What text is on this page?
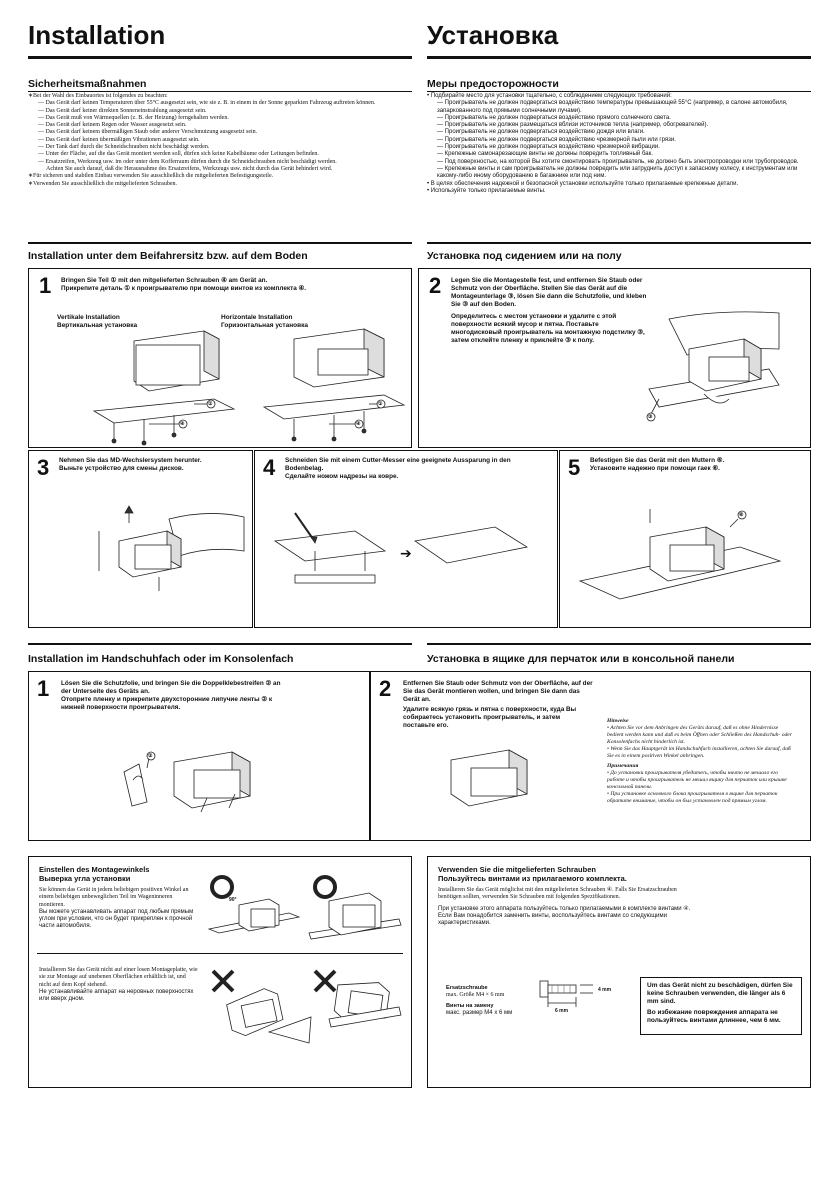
Installation	Установка
Sicherheitsmaßnahmen

∗Bei der Wahl des Einbauortes ist folgendes zu beachten:

— Das Gerät darf keinen Temperaturen über 55°C ausgesetzt sein, wie sie z. B. in einem in der Sonne geparkten Fahrzeug auftreten können.

— Das Gerät darf keiner direkten Sonneneinstrahlung ausgesetzt sein.

— Das Gerät muß von Wärmequellen (z. B. der Heizung) ferngehalten werden.

— Das Gerät darf keinem Regen oder Wasser ausgesetzt sein.

— Das Gerät darf keinem übermäßigen Staub oder anderer Verschmutzung ausgesetzt sein.

— Das Gerät darf keinen übermäßigen Vibrationen ausgesetzt sein.

— Der Tank darf durch die Schneidschrauben nicht beschädigt werden.

— Unter der Fläche, auf die das Gerät montiert werden soll, dürfen sich keine Kabelbäume oder Leitungen befinden.

— Ersatzreifen, Werkzeug usw. im oder unter dem Kofferraum dürfen durch die Schneidschrauben nicht beschädigt werden.

Achten Sie auch darauf, daß die Herausnahme des Ersatzreifens, Werkzeugs usw. nicht durch das Gerät behindert wird.

∗Für sicheren und stabilen Einbau verwenden Sie ausschließlich die mitgelieferten Befestigungsteile.

∗Verwenden Sie ausschließlich die mitgelieferten Schrauben.

Меры предосторожности

• Подбирайте место для установки тщательно, с соблюдением следующих требований:

— Проигрыватель не должен подвергаться воздействию температуры превышающей 55°C (например, в салоне автомобиля, запаркованного под прямыми солнечными лучами).

— Проигрыватель не должен подвергаться воздействию прямого солнечного света.

— Проигрыватель не должен размещаться вблизи источников тепла (например, обогревателей).

— Проигрыватель не должен подвергаться воздействию дождя или влаги.

— Проигрыватель не должен подвергаться воздействию чрезмерной пыли или грязи.

— Проигрыватель не должен подвергаться воздействию чрезмерной вибрации.

— Крепежные самонарезающие винты не должны повредить топливный бак.

— Под поверхностью, на которой Вы хотите смонтировать проигрыватель, не должно быть электропроводки или трубопроводов.

— Крепежные винты и сам проигрыватель не должны повредить или затруднить доступ к запасному колесу, к инструментам или какому-либо иному оборудованию в багажнике или под ним.

• В целях обеспечения надежной и безопасной установки используйте только прилагаемые крепежные детали.

• Используйте только прилагаемые винты.

Installation unter dem Beifahrersitz bzw. auf dem Boden	Установка под сидением или на полу
1 Bringen Sie Teil ① mit den mitgelieferten Schrauben ④ am Gerät an.
Прикрепите деталь ① к проигрывателю при помощи винтов из комплекта ④.
Vertikale Installation
Вертикальная установка
Horizontale Installation
Горизонтальная установка
①
④
①
④
2 Legen Sie die Montagestelle fest, und entfernen Sie Staub oder Schmutz von der Oberfläche. Stellen Sie das Gerät auf die Montageunterlage ③, lösen Sie dann die Schutzfolie, und kleben Sie ③ auf den Boden.
Определитесь с местом установки и удалите с этой поверхности всякий мусор и пятна. Поставьте многодисковый проигрыватель на монтажную подстилку ③, затем отклейте пленку и приклейте ③ к полу.
③
3 Nehmen Sie das MD-Wechslersystem herunter.
Выньте устройство для смены дисков.	4 Schneiden Sie mit einem Cutter-Messer eine geeignete Aussparung in den Bodenbelag.
Сделайте ножом надрезы на ковре.
➔
5 Befestigen Sie das Gerät mit den Muttern ⑥.
Установите надежно при помощи гаек ⑥.
⑥
Installation im Handschuhfach oder im Konsolenfach	Установка в ящике для перчаток или в консольной панели
1 Lösen Sie die Schutzfolie, und bringen Sie die Doppelklebestreifen ② an der Unterseite des Geräts an.
Отоприте пленку и прикрепите двухсторонние липучие ленты ② к нижней поверхности проигрывателя.
②
2 Entfernen Sie Staub oder Schmutz von der Oberfläche, auf der Sie das Gerät montieren wollen, und bringen Sie dann das Gerät an.
Удалите всякую грязь и пятна с поверхности, куда Вы собираетесь установить проигрыватель, и затем поставьте его.

Hinweise

• Achten Sie vor dem Anbringen des Geräts darauf, daß es ohne Hindernisse bedient werden kann und daß es beim Öffnen oder Schließen des Handschuh- oder Konsolenfachs nicht hinderlich ist.

• Wenn Sie das Hauptgerät im Handschuhfach installieren, achten Sie darauf, daß Sie es in einem positiven Winkel anbringen.

Примечания

• До установки проигрывателя убедитесь, чтобы ничто не мешало его работе и чтобы проигрыватель не мешал ящику для перчаток или крышке консольной панели.

• При установке основного блока проигрывателя в ящике для перчаток обратите внимание, чтобы он был установлен под прямым углом.

Einstellen des Montagewinkels
Выверка угла установки

Sie können das Gerät in jedem beliebigen positiven Winkel an einem beliebigen unbeweglichen Teil im Wageninneren montieren.

Вы можете устанавливать аппарат под любым прямым углом при условии, что он будет прикреплен к прочной части автомобиля.

Installieren Sie das Gerät nicht auf einer losen Montageplatte, wie sie zur Montage auf unebenen Oberflächen erhältlich ist, und nicht auf dem Kopf stehend.

Не устанавливайте аппарат на неровных поверхностях или вверх дном.

90°
Verwenden Sie die mitgelieferten Schrauben
Пользуйтесь винтами из прилагаемого комплекта.

Installieren Sie das Gerät möglichst mit den mitgelieferten Schrauben ④. Falls Sie Ersatzschrauben benötigen sollten, verwenden Sie Schrauben mit folgenden Spezifikationen.

При установке этого аппарата пользуйтесь только прилагаемыми в комплекте винтами ④. Если Вам понадобится заменить винты, воспользуйтесь винтами со следующими характеристиками.

Ersatzschraube

max. Größe M4 × 6 mm

Винты на замену

макс. размер M4 x 6 мм

4 mm
6 mm
Um das Gerät nicht zu beschädigen, dürfen Sie keine Schrauben verwenden, die länger als 6 mm sind.
Во избежание повреждения аппарата не пользуйтесь винтами длиннее, чем 6 мм.
